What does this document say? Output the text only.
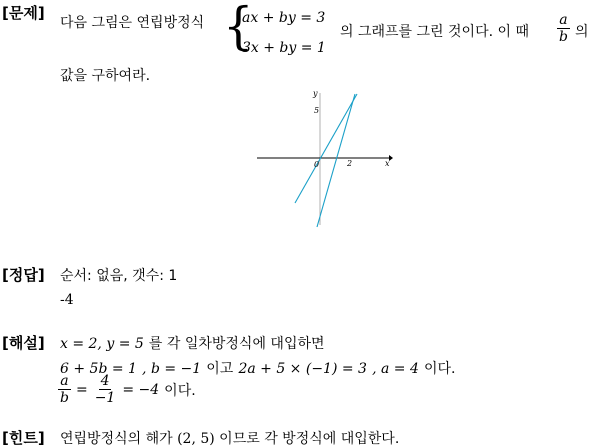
[문제]
다음 그림은 연립방정식 {
ax + by = 3
3x + by = 1
의 그래프를 그린 것이다. 이 때 $\frac{a}{b}$ 의
값을 구하여라.
y
x
0	2
5
[정답] 순서: 없음, 갯수: 1
-4
[해설] x = 2, y = 5 를 각 일차방정식에 대입하면
6 + 5b = 1 , b = −1 이고 2a + 5 × (−1) = 3 , a = 4 이다.
$\frac{a}{b} = \frac{4}{-1} = -4$ 이다.
[힌트] 연립방정식의 해가 (2, 5) 이므로 각 방정식에 대입한다.
